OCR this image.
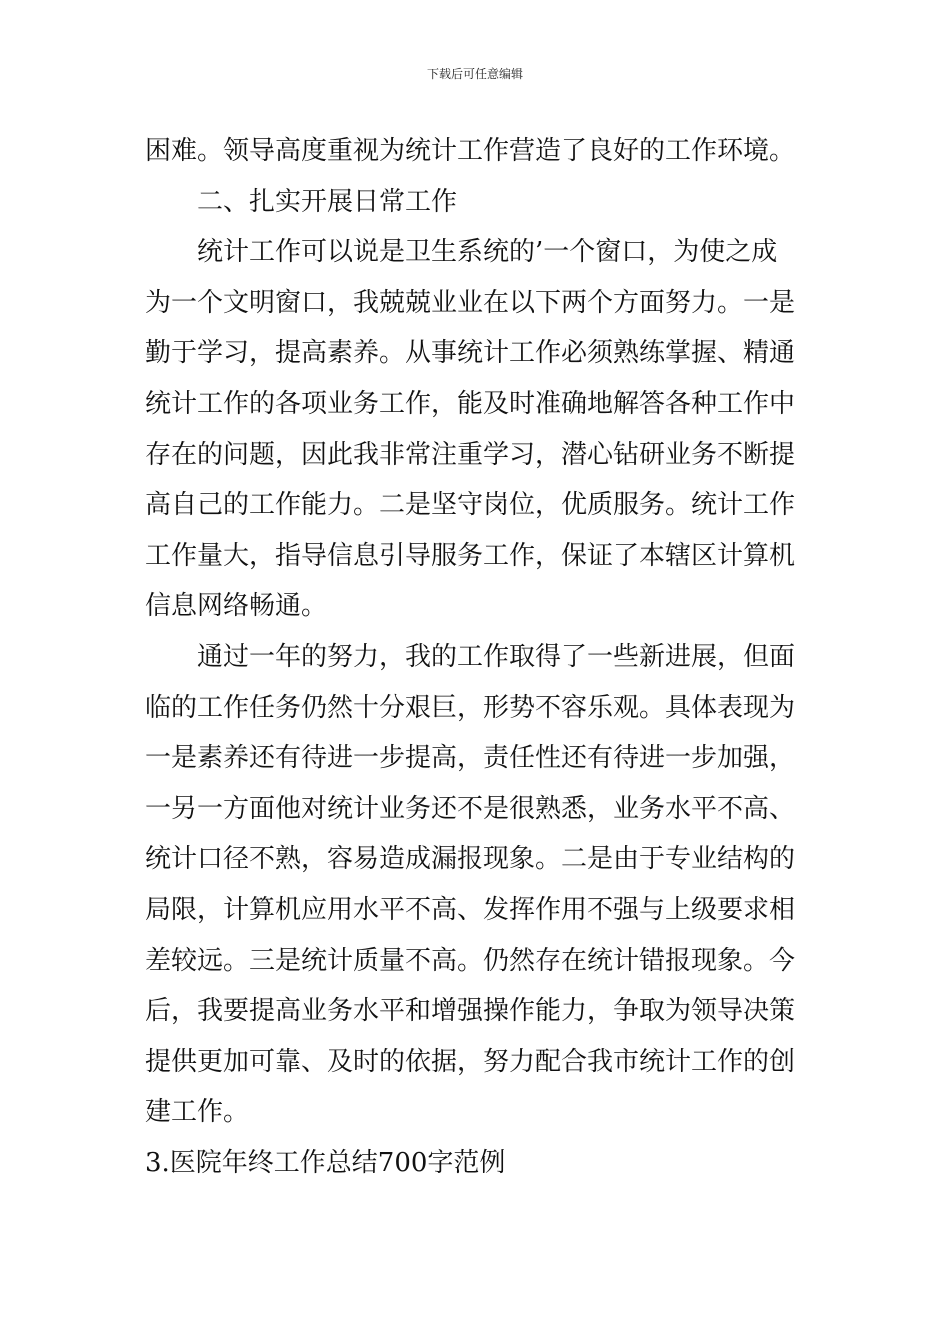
下载后可任意编辑
困难。领导高度重视为统计工作营造了良好的工作环境。
二、扎实开展日常工作
统计工作可以说是卫生系统的’一个窗口，为使之成
为一个文明窗口，我兢兢业业在以下两个方面努力。一是
勤于学习，提高素养。从事统计工作必须熟练掌握、精通
统计工作的各项业务工作，能及时准确地解答各种工作中
存在的问题，因此我非常注重学习，潜心钻研业务不断提
高自己的工作能力。二是坚守岗位，优质服务。统计工作
工作量大，指导信息引导服务工作，保证了本辖区计算机
信息网络畅通。
通过一年的努力，我的工作取得了一些新进展，但面
临的工作任务仍然十分艰巨，形势不容乐观。具体表现为
一是素养还有待进一步提高，责任性还有待进一步加强，
一另一方面他对统计业务还不是很熟悉，业务水平不高、
统计口径不熟，容易造成漏报现象。二是由于专业结构的
局限，计算机应用水平不高、发挥作用不强与上级要求相
差较远。三是统计质量不高。仍然存在统计错报现象。今
后，我要提高业务水平和增强操作能力，争取为领导决策
提供更加可靠、及时的依据，努力配合我市统计工作的创
建工作。
3.医院年终工作总结700字范例
